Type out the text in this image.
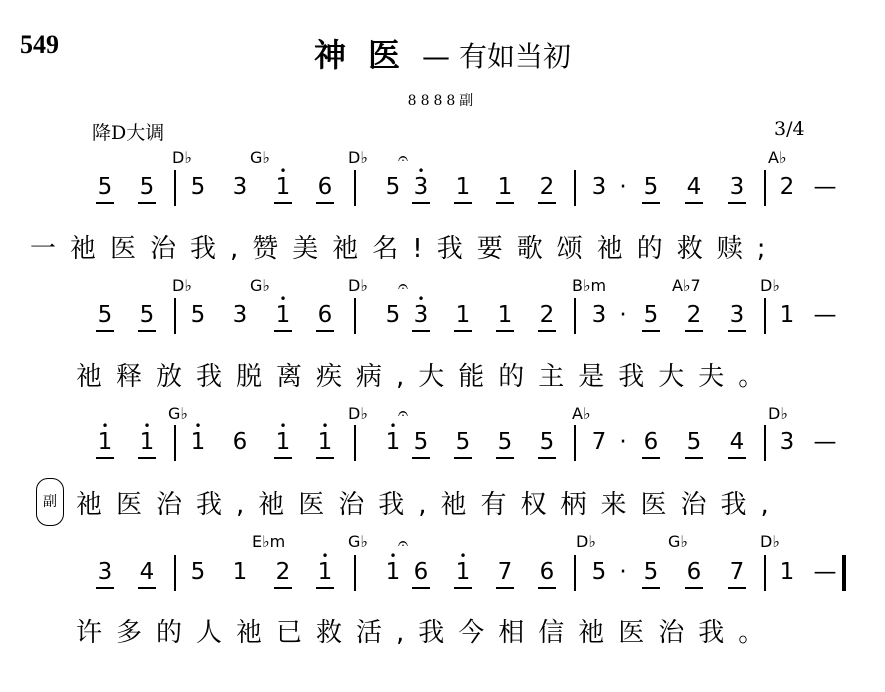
549	神医— 有如当初
8888副
降D大调	3/4
5	5	5	3	• 1	6	5 • 3	1	1	2	3 · 5	4	3	2 —
𝄐
D♭	G♭	D♭	A♭
一祂医治我,赞美祂名!我要歌颂祂的救赎;
5	5	5	3	• 1	6	5 • 3	1	1	2	3 · 5	2	3	1 —
𝄐
D♭	G♭	D♭	B♭m	A♭7	D♭
祂释放我脱离疾病,大能的主是我大夫。
• 1	• 1	• 1	6	• 1	• 1	• 1 5	5	5	5	7 · 6	5	4	3 —
𝄐
G♭	D♭	A♭	D♭
祂医治我,祂医治我,祂有权柄来医治我,
3	4	5	1	2	• 1	• 1 6	• 1	7	6	5 · 5	6	7	1 —
𝄐
E♭m	G♭	D♭	G♭	D♭
许多的人祂已救活,我今相信祂医治我。
副
